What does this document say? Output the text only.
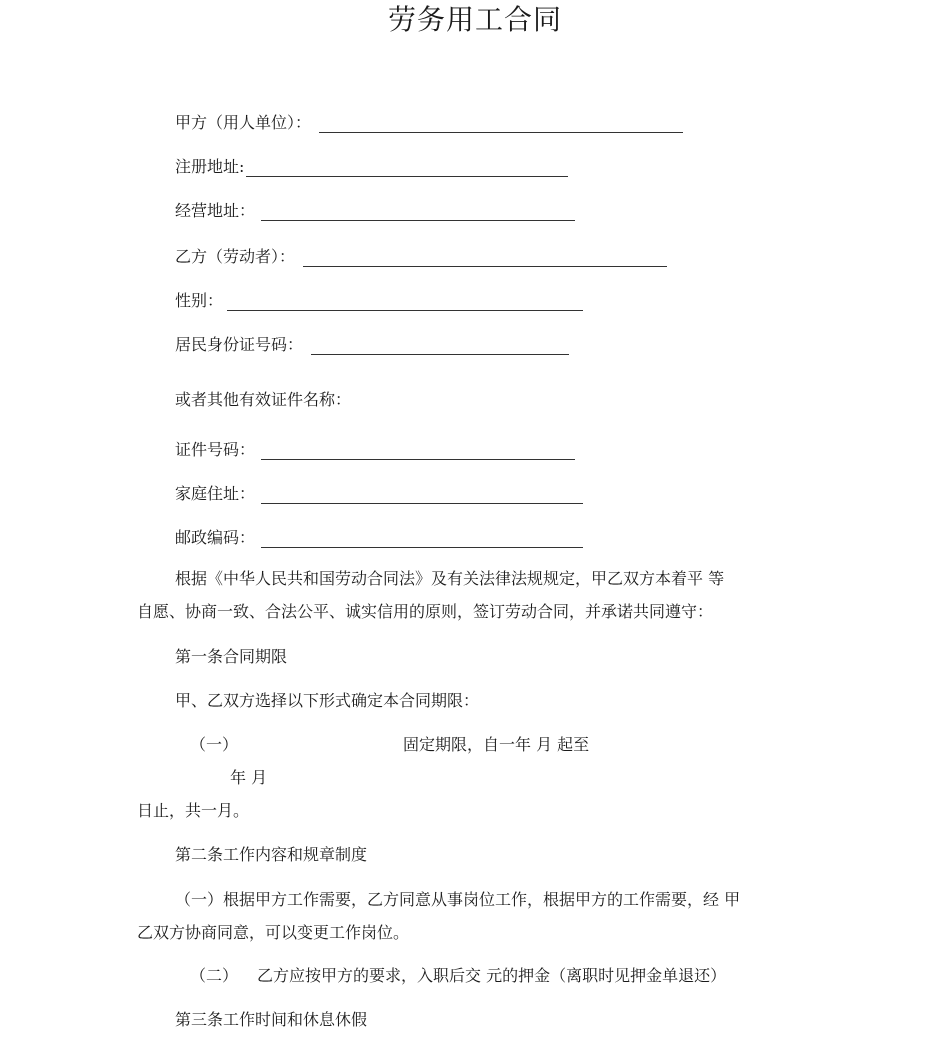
劳务用工合同
甲方（用人单位）：
注册地址:
经营地址：
乙方（劳动者）：
性别：
居民身份证号码：
或者其他有效证件名称：
证件号码：
家庭住址：
邮政编码：
根据《中华人民共和国劳动合同法》及有关法律法规规定，甲乙双方本着平 等
自愿、协商一致、合法公平、诚实信用的原则，签订劳动合同，并承诺共同遵守：
第一条合同期限
甲、乙双方选择以下形式确定本合同期限：
（一）	固定期限，自一年 月 起至
年 月
日止，共一月。
第二条工作内容和规章制度
（一）根据甲方工作需要，乙方同意从事岗位工作，根据甲方的工作需要，经 甲
乙双方协商同意，可以变更工作岗位。
（二） 乙方应按甲方的要求，入职后交 元的押金（离职时见押金单退还）
第三条工作时间和休息休假
